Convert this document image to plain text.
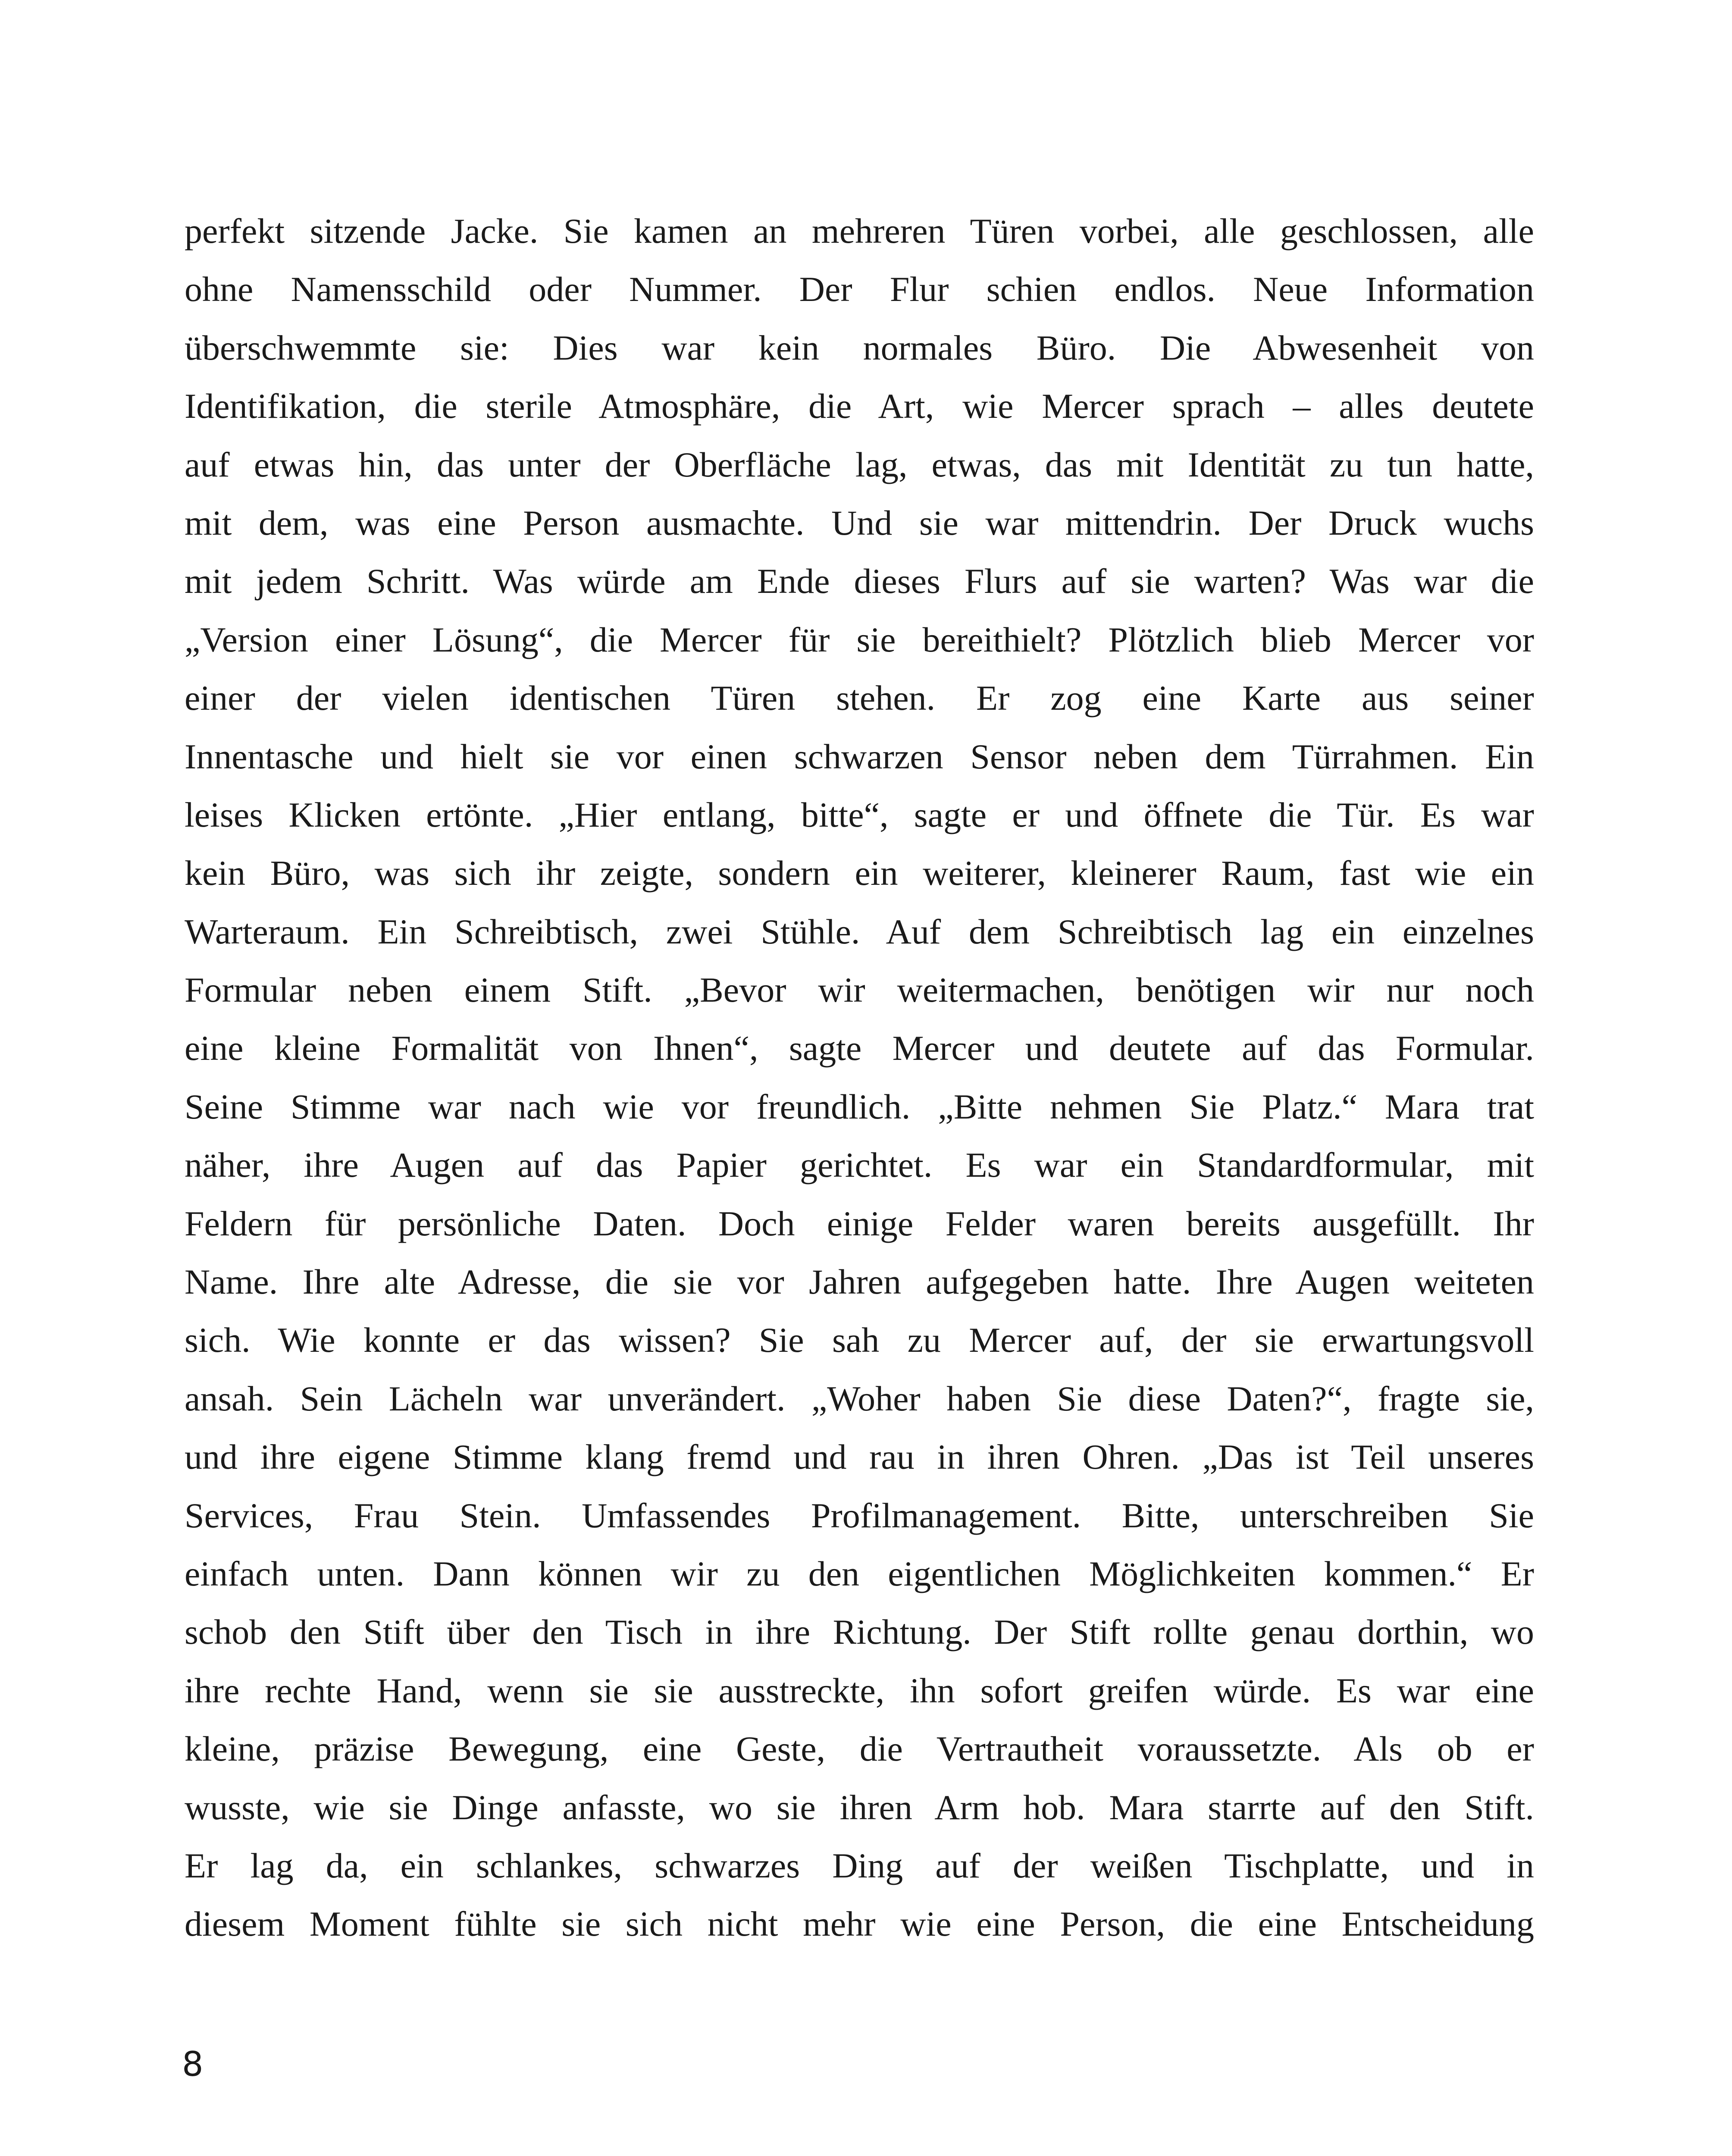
perfekt sitzende Jacke. Sie kamen an mehreren Türen vorbei, alle geschlossen, alle
ohne Namensschild oder Nummer. Der Flur schien endlos. Neue Information
überschwemmte sie: Dies war kein normales Büro. Die Abwesenheit von
Identifikation, die sterile Atmosphäre, die Art, wie Mercer sprach – alles deutete
auf etwas hin, das unter der Oberfläche lag, etwas, das mit Identität zu tun hatte,
mit dem, was eine Person ausmachte. Und sie war mittendrin. Der Druck wuchs
mit jedem Schritt. Was würde am Ende dieses Flurs auf sie warten? Was war die
„Version einer Lösung“, die Mercer für sie bereithielt? Plötzlich blieb Mercer vor
einer der vielen identischen Türen stehen. Er zog eine Karte aus seiner
Innentasche und hielt sie vor einen schwarzen Sensor neben dem Türrahmen. Ein
leises Klicken ertönte. „Hier entlang, bitte“, sagte er und öffnete die Tür. Es war
kein Büro, was sich ihr zeigte, sondern ein weiterer, kleinerer Raum, fast wie ein
Warteraum. Ein Schreibtisch, zwei Stühle. Auf dem Schreibtisch lag ein einzelnes
Formular neben einem Stift. „Bevor wir weitermachen, benötigen wir nur noch
eine kleine Formalität von Ihnen“, sagte Mercer und deutete auf das Formular.
Seine Stimme war nach wie vor freundlich. „Bitte nehmen Sie Platz.“ Mara trat
näher, ihre Augen auf das Papier gerichtet. Es war ein Standardformular, mit
Feldern für persönliche Daten. Doch einige Felder waren bereits ausgefüllt. Ihr
Name. Ihre alte Adresse, die sie vor Jahren aufgegeben hatte. Ihre Augen weiteten
sich. Wie konnte er das wissen? Sie sah zu Mercer auf, der sie erwartungsvoll
ansah. Sein Lächeln war unverändert. „Woher haben Sie diese Daten?“, fragte sie,
und ihre eigene Stimme klang fremd und rau in ihren Ohren. „Das ist Teil unseres
Services, Frau Stein. Umfassendes Profilmanagement. Bitte, unterschreiben Sie
einfach unten. Dann können wir zu den eigentlichen Möglichkeiten kommen.“ Er
schob den Stift über den Tisch in ihre Richtung. Der Stift rollte genau dorthin, wo
ihre rechte Hand, wenn sie sie ausstreckte, ihn sofort greifen würde. Es war eine
kleine, präzise Bewegung, eine Geste, die Vertrautheit voraussetzte. Als ob er
wusste, wie sie Dinge anfasste, wo sie ihren Arm hob. Mara starrte auf den Stift.
Er lag da, ein schlankes, schwarzes Ding auf der weißen Tischplatte, und in
diesem Moment fühlte sie sich nicht mehr wie eine Person, die eine Entscheidung
8
